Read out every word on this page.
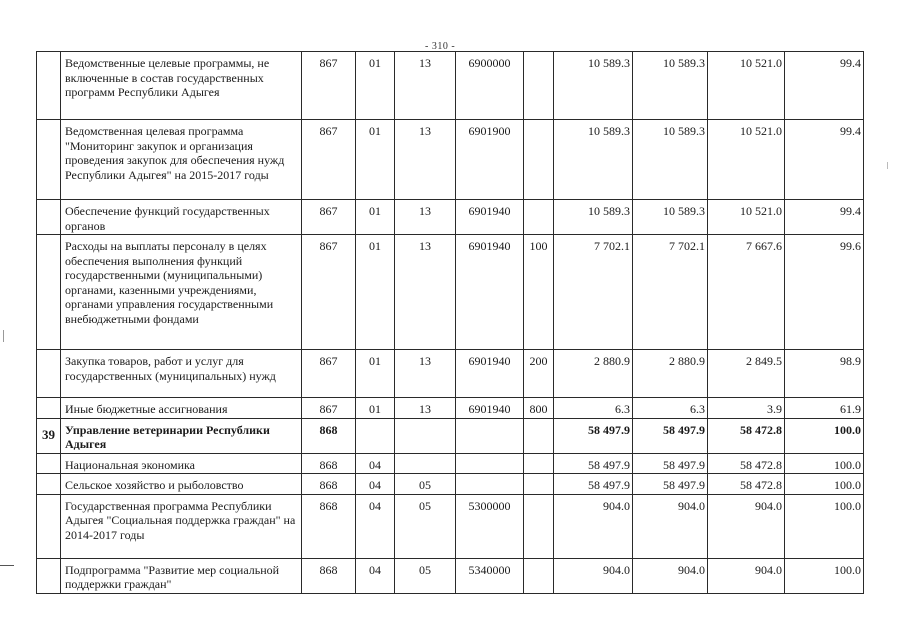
- 310 -
	Ведомственные целевые программы, не включенные в состав государственных программ Республики Адыгея	867	01	13	6900000		10 589.3	10 589.3	10 521.0	99.4
	Ведомственная целевая программа "Мониторинг закупок и организация проведения закупок для обеспечения нужд Республики Адыгея" на 2015-2017 годы	867	01	13	6901900		10 589.3	10 589.3	10 521.0	99.4
	Обеспечение функций государственных органов	867	01	13	6901940		10 589.3	10 589.3	10 521.0	99.4
	Расходы на выплаты персоналу в целях обеспечения выполнения функций государственными (муниципальными) органами, казенными учреждениями, органами управления государственными внебюджетными фондами	867	01	13	6901940	100	7 702.1	7 702.1	7 667.6	99.6
	Закупка товаров, работ и услуг для государственных (муниципальных) нужд	867	01	13	6901940	200	2 880.9	2 880.9	2 849.5	98.9
	Иные бюджетные ассигнования	867	01	13	6901940	800	6.3	6.3	3.9	61.9
39	Управление ветеринарии Республики Адыгея	868					58 497.9	58 497.9	58 472.8	100.0
	Национальная экономика	868	04				58 497.9	58 497.9	58 472.8	100.0
	Сельское хозяйство и рыболовство	868	04	05			58 497.9	58 497.9	58 472.8	100.0
	Государственная программа Республики Адыгея "Социальная поддержка граждан" на 2014-2017 годы	868	04	05	5300000		904.0	904.0	904.0	100.0
	Подпрограмма "Развитие мер социальной поддержки граждан"	868	04	05	5340000		904.0	904.0	904.0	100.0
